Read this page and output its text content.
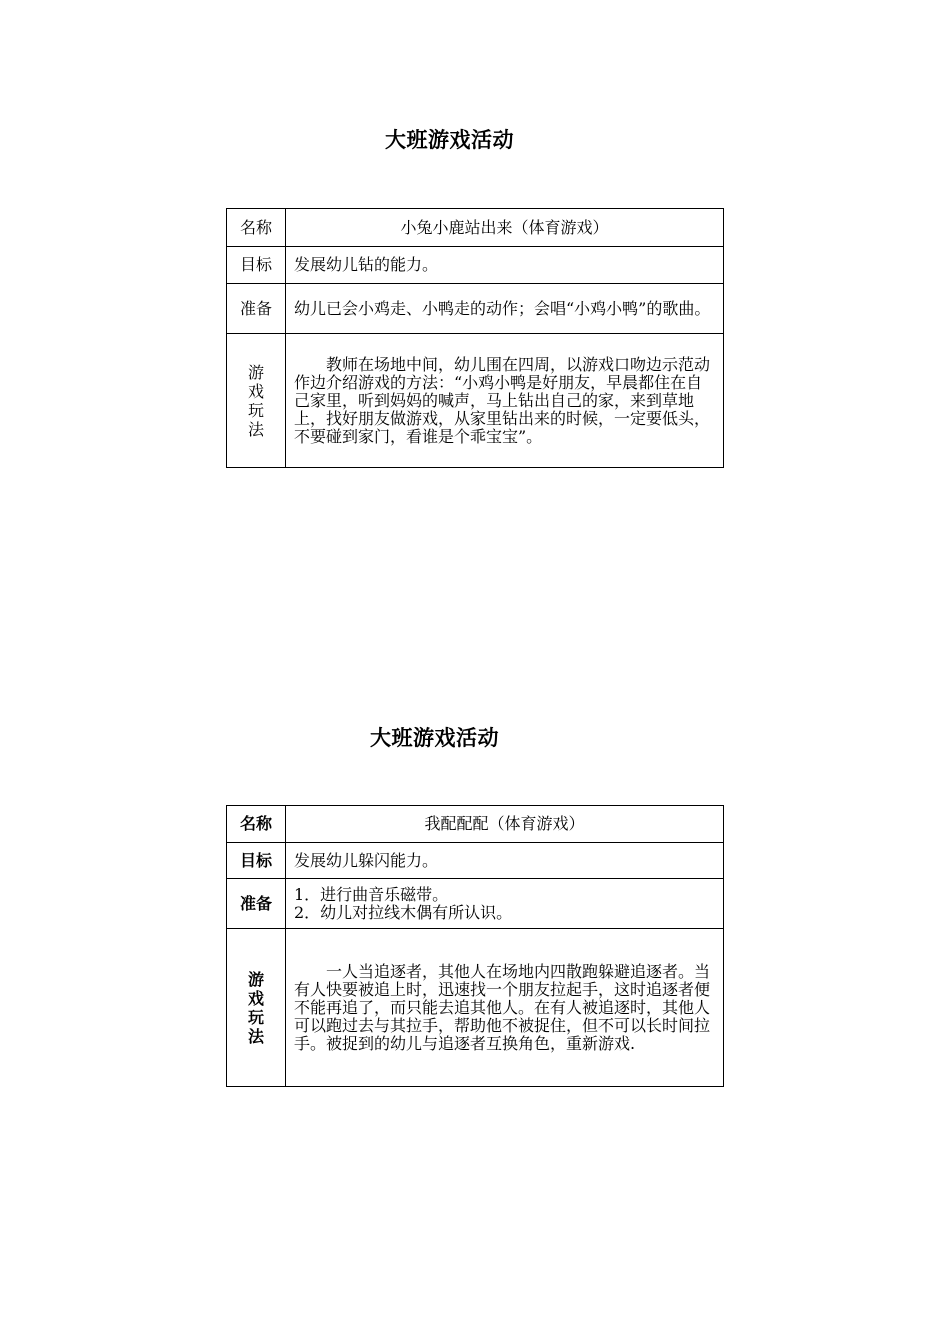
大班游戏活动
名称	小兔小鹿站出来（体育游戏）
目标	发展幼儿钻的能力。
准备	幼儿已会小鸡走、小鸭走的动作；会唱“小鸡小鸭”的歌曲。
游戏玩法	教师在场地中间，幼儿围在四周，以游戏口吻边示范动作边介绍游戏的方法：“小鸡小鸭是好朋友，早晨都住在自己家里，听到妈妈的喊声，马上钻出自己的家，来到草地上，找好朋友做游戏，从家里钻出来的时候，一定要低头，不要碰到家门，看谁是个乖宝宝”。
大班游戏活动
名称	我配配配（体育游戏）
目标	发展幼儿躲闪能力。
准备	1．进行曲音乐磁带。
2．幼儿对拉线木偶有所认识。

游戏玩法	一人当追逐者，其他人在场地内四散跑躲避追逐者。当有人快要被追上时，迅速找一个朋友拉起手，这时追逐者便不能再追了，而只能去追其他人。在有人被追逐时，其他人可以跑过去与其拉手，帮助他不被捉住，但不可以长时间拉手。被捉到的幼儿与追逐者互换角色，重新游戏.
